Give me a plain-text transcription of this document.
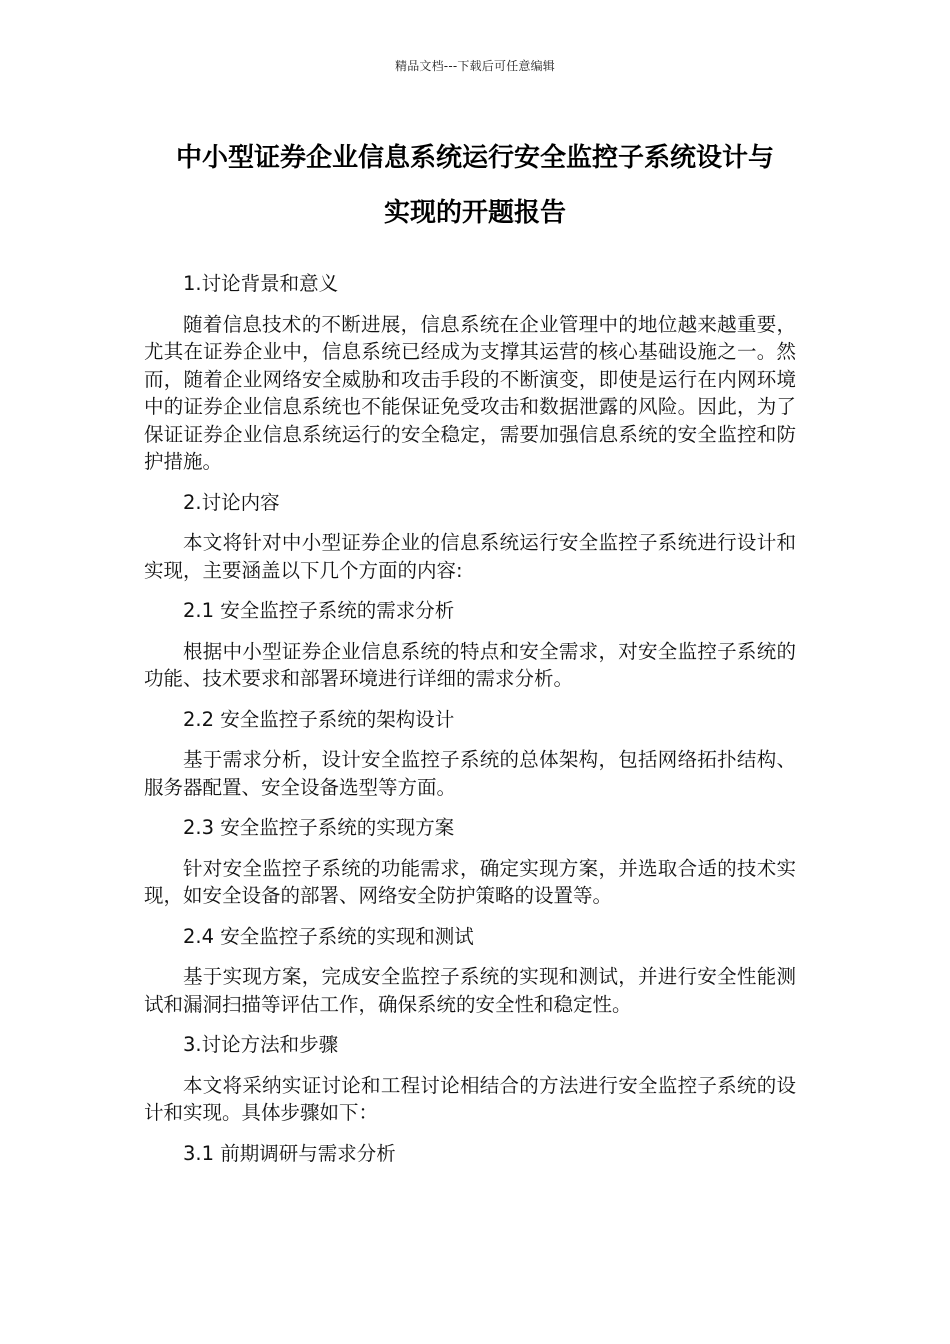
精品文档---下载后可任意编辑
中小型证券企业信息系统运行安全监控子系统设计与
实现的开题报告

1.讨论背景和意义

随着信息技术的不断进展，信息系统在企业管理中的地位越来越重要，尤其在证券企业中，信息系统已经成为支撑其运营的核心基础设施之一。然而，随着企业网络安全威胁和攻击手段的不断演变，即使是运行在内网环境中的证券企业信息系统也不能保证免受攻击和数据泄露的风险。因此，为了保证证券企业信息系统运行的安全稳定，需要加强信息系统的安全监控和防护措施。

2.讨论内容

本文将针对中小型证券企业的信息系统运行安全监控子系统进行设计和实现，主要涵盖以下几个方面的内容:

2.1 安全监控子系统的需求分析

根据中小型证券企业信息系统的特点和安全需求，对安全监控子系统的功能、技术要求和部署环境进行详细的需求分析。

2.2 安全监控子系统的架构设计

基于需求分析，设计安全监控子系统的总体架构，包括网络拓扑结构、服务器配置、安全设备选型等方面。

2.3 安全监控子系统的实现方案

针对安全监控子系统的功能需求，确定实现方案，并选取合适的技术实现，如安全设备的部署、网络安全防护策略的设置等。

2.4 安全监控子系统的实现和测试

基于实现方案，完成安全监控子系统的实现和测试，并进行安全性能测试和漏洞扫描等评估工作，确保系统的安全性和稳定性。

3.讨论方法和步骤

本文将采纳实证讨论和工程讨论相结合的方法进行安全监控子系统的设计和实现。具体步骤如下：

3.1 前期调研与需求分析
